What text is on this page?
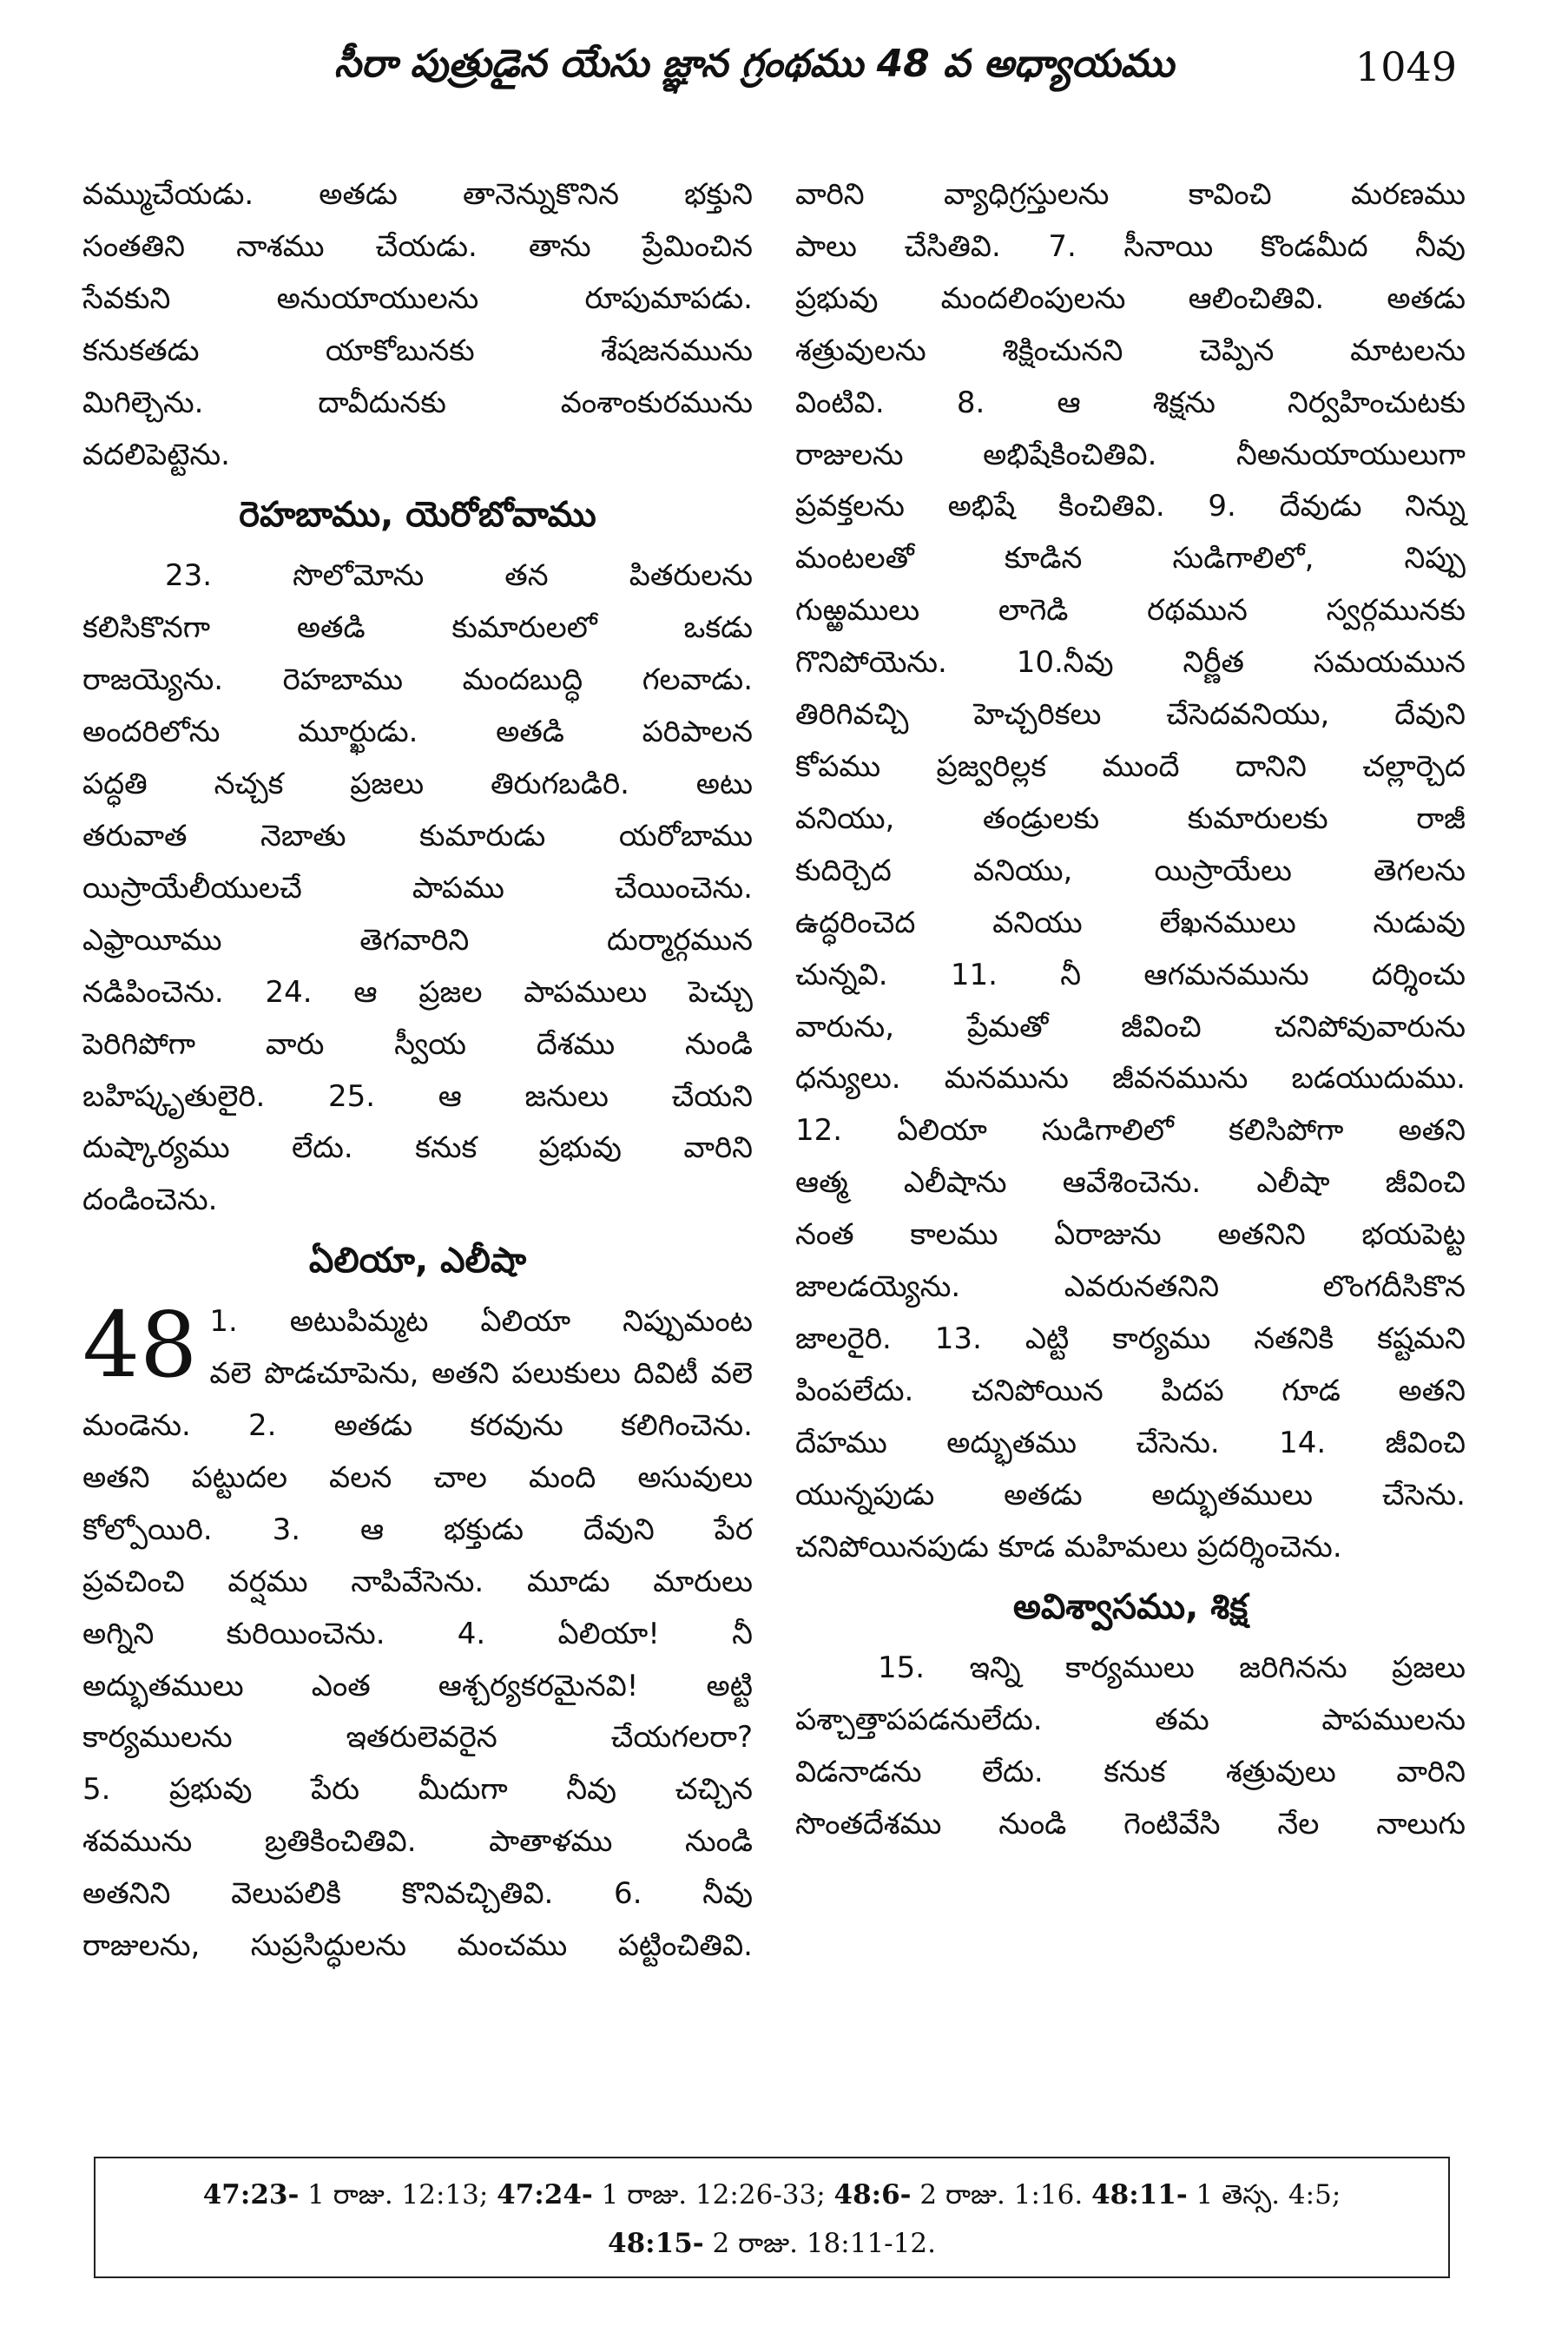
సీరా పుత్రుడైన యేసు జ్ఞాన గ్రంథము 48 వ అధ్యాయము	1049

వమ్ముచేయడు. అతడు తానెన్నుకొనిన భక్తుని

సంతతిని నాశము చేయడు. తాను ప్రేమించిన

సేవకుని అనుయాయులను రూపుమాపడు.

కనుకతడు యాకోబునకు శేషజనమును

మిగిల్చెను. దావీదునకు వంశాంకురమును

వదలిపెట్టెను.

రెహబాము, యెరోబోవాము

23. సొలోమోను తన పితరులను

కలిసికొనగా అతడి కుమారులలో ఒకడు

రాజయ్యెను. రెహబాము మందబుద్ధి గలవాడు.

అందరిలోను మూర్ఖుడు. అతడి పరిపాలన

పద్ధతి నచ్చక ప్రజలు తిరుగబడిరి. అటు

తరువాత నెబాతు కుమారుడు యరోబాము

యిస్రాయేలీయులచే పాపము చేయించెను.

ఎఫ్రాయీము తెగవారిని దుర్మార్గమున

నడిపించెను. 24. ఆ ప్రజల పాపములు పెచ్చు

పెరిగిపోగా వారు స్వీయ దేశము నుండి

బహిష్కృతులైరి. 25. ఆ జనులు చేయని

దుష్కార్యము లేదు. కనుక ప్రభువు వారిని

దండించెను.

ఏలియా, ఎలీషా
48 1. అటుపిమ్మట ఏలియా నిప్పుమంట

వలె పొడచూపెను, అతని పలుకులు దివిటీ వలె

మండెను. 2. అతడు కరవును కలిగించెను.

అతని పట్టుదల వలన చాల మంది అసువులు

కోల్పోయిరి. 3. ఆ భక్తుడు దేవుని పేర

ప్రవచించి వర్షము నాపివేసెను. మూడు మారులు

అగ్నిని కురియించెను. 4. ఏలియా! నీ

అద్భుతములు ఎంత ఆశ్చర్యకరమైనవి! అట్టి

కార్యములను ఇతరులెవరైన చేయగలరా?

5. ప్రభువు పేరు మీదుగా నీవు చచ్చిన

శవమును బ్రతికించితివి. పాతాళము నుండి

అతనిని వెలుపలికి కొనివచ్చితివి. 6. నీవు

రాజులను, సుప్రసిద్ధులను మంచము పట్టించితివి.

వారిని వ్యాధిగ్రస్తులను కావించి మరణము

పాలు చేసితివి. 7. సీనాయి కొండమీద నీవు

ప్రభువు మందలింపులను ఆలించితివి. అతడు

శత్రువులను శిక్షించునని చెప్పిన మాటలను

వింటివి. 8. ఆ శిక్షను నిర్వహించుటకు

రాజులను అభిషేకించితివి. నీఅనుయాయులుగా

ప్రవక్తలను అభిషే కించితివి. 9. దేవుడు నిన్ను

మంటలతో కూడిన సుడిగాలిలో, నిప్పు

గుఱ్ఱములు లాగెడి రథమున స్వర్గమునకు

గొనిపోయెను. 10.నీవు నిర్ణీత సమయమున

తిరిగివచ్చి హెచ్చరికలు చేసెదవనియు, దేవుని

కోపము ప్రజ్వరిల్లక ముందే దానిని చల్లార్చెద

వనియు, తండ్రులకు కుమారులకు రాజీ

కుదిర్చెద వనియు, యిస్రాయేలు తెగలను

ఉద్ధరించెద వనియు లేఖనములు నుడువు

చున్నవి. 11. నీ ఆగమనమును దర్శించు

వారును, ప్రేమతో జీవించి చనిపోవువారును

ధన్యులు. మనమును జీవనమును బడయుదుము.

12. ఏలియా సుడిగాలిలో కలిసిపోగా అతని

ఆత్మ ఎలీషాను ఆవేశించెను. ఎలీషా జీవించి

నంత కాలము ఏరాజును అతనిని భయపెట్ట

జాలడయ్యెను. ఎవరునతనిని లొంగదీసికొన

జాలరైరి. 13. ఎట్టి కార్యము నతనికి కష్టమని

పింపలేదు. చనిపోయిన పిదప గూడ అతని

దేహము అద్భుతము చేసెను. 14. జీవించి

యున్నపుడు అతడు అద్భుతములు చేసెను.

చనిపోయినపుడు కూడ మహిమలు ప్రదర్శించెను.

అవిశ్వాసము, శిక్ష

15. ఇన్ని కార్యములు జరిగినను ప్రజలు

పశ్చాత్తాపపడనులేదు. తమ పాపములను

విడనాడను లేదు. కనుక శత్రువులు వారిని

సొంతదేశము నుండి గెంటివేసి నేల నాలుగు

47:23- 1 రాజు. 12:13; 47:24- 1 రాజు. 12:26-33; 48:6- 2 రాజు. 1:16. 48:11- 1 తెస్స. 4:5;
48:15- 2 రాజు. 18:11-12.
